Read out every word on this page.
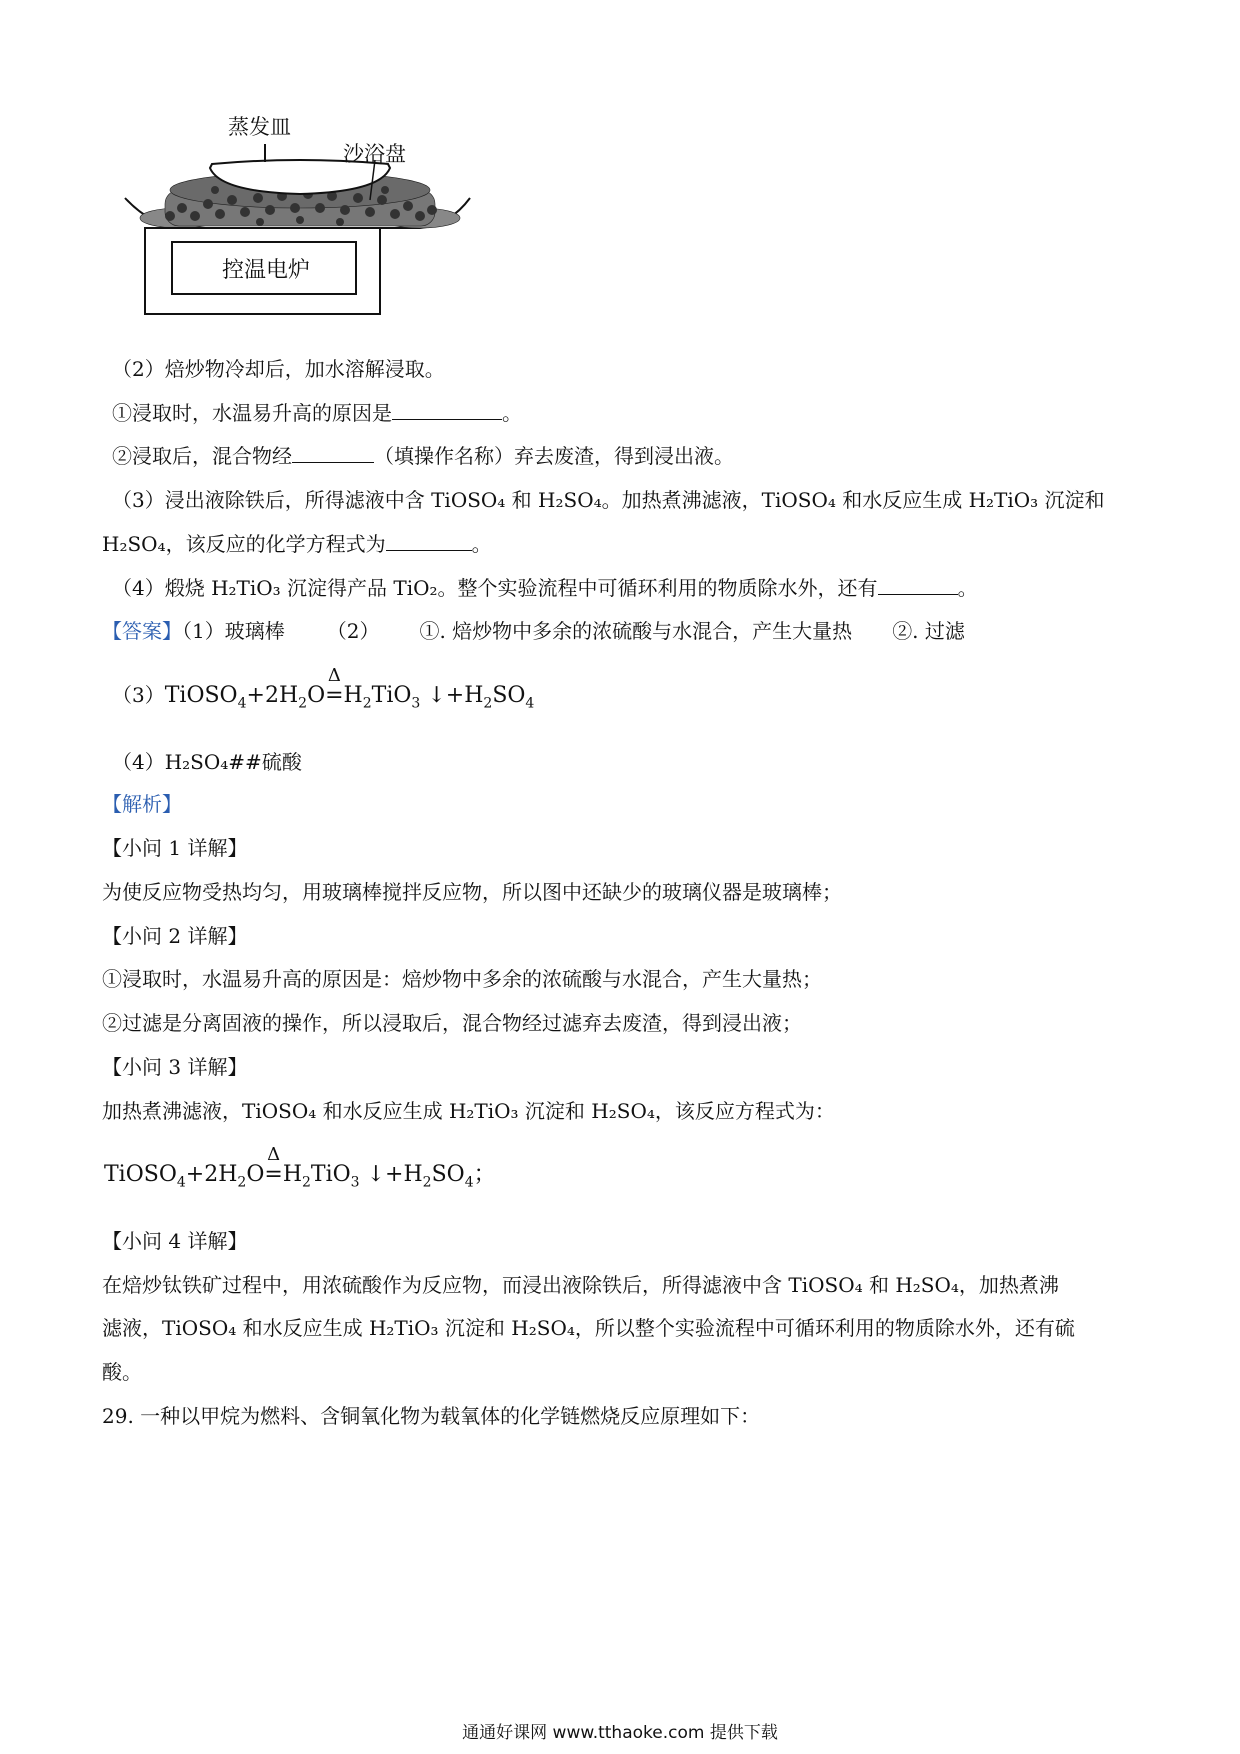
蒸发皿
沙浴盘
控温电炉
（2）焙炒物冷却后，加水溶解浸取。
①浸取时，水温易升高的原因是	。
②浸取后，混合物经	（填操作名称）弃去废渣，得到浸出液。
（3）浸出液除铁后，所得滤液中含 TiOSO₄ 和 H₂SO₄。加热煮沸滤液，TiOSO₄ 和水反应生成 H₂TiO₃ 沉淀和
H₂SO₄，该反应的化学方程式为	。
（4）煅烧 H₂TiO₃ 沉淀得产品 TiO₂。整个实验流程中可循环利用的物质除水外，还有	。
【答案】（1）玻璃棒 （2） ①. 焙炒物中多余的浓硫酸与水混合，产生大量热 ②. 过滤
$(3)TiOSO_4+2H_2O$
Δ
$=H_2TiO_3$ $↓+H_2SO_4$
（4）H₂SO₄##硫酸
【解析】
【小问 1 详解】
为使反应物受热均匀，用玻璃棒搅拌反应物，所以图中还缺少的玻璃仪器是玻璃棒；
【小问 2 详解】
①浸取时，水温易升高的原因是：焙炒物中多余的浓硫酸与水混合，产生大量热；
②过滤是分离固液的操作，所以浸取后，混合物经过滤弃去废渣，得到浸出液；
【小问 3 详解】
加热煮沸滤液，TiOSO₄ 和水反应生成 H₂TiO₃ 沉淀和 H₂SO₄，该反应方程式为：
$TiOSO_4+2H_2O$
Δ
$=H_2TiO_3$ $↓+H_2SO_4$；
【小问 4 详解】
在焙炒钛铁矿过程中，用浓硫酸作为反应物，而浸出液除铁后，所得滤液中含 TiOSO₄ 和 H₂SO₄，加热煮沸
滤液，TiOSO₄ 和水反应生成 H₂TiO₃ 沉淀和 H₂SO₄，所以整个实验流程中可循环利用的物质除水外，还有硫
酸。
29. 一种以甲烷为燃料、含铜氧化物为载氧体的化学链燃烧反应原理如下：
通通好课网 www.tthaoke.com 提供下载
